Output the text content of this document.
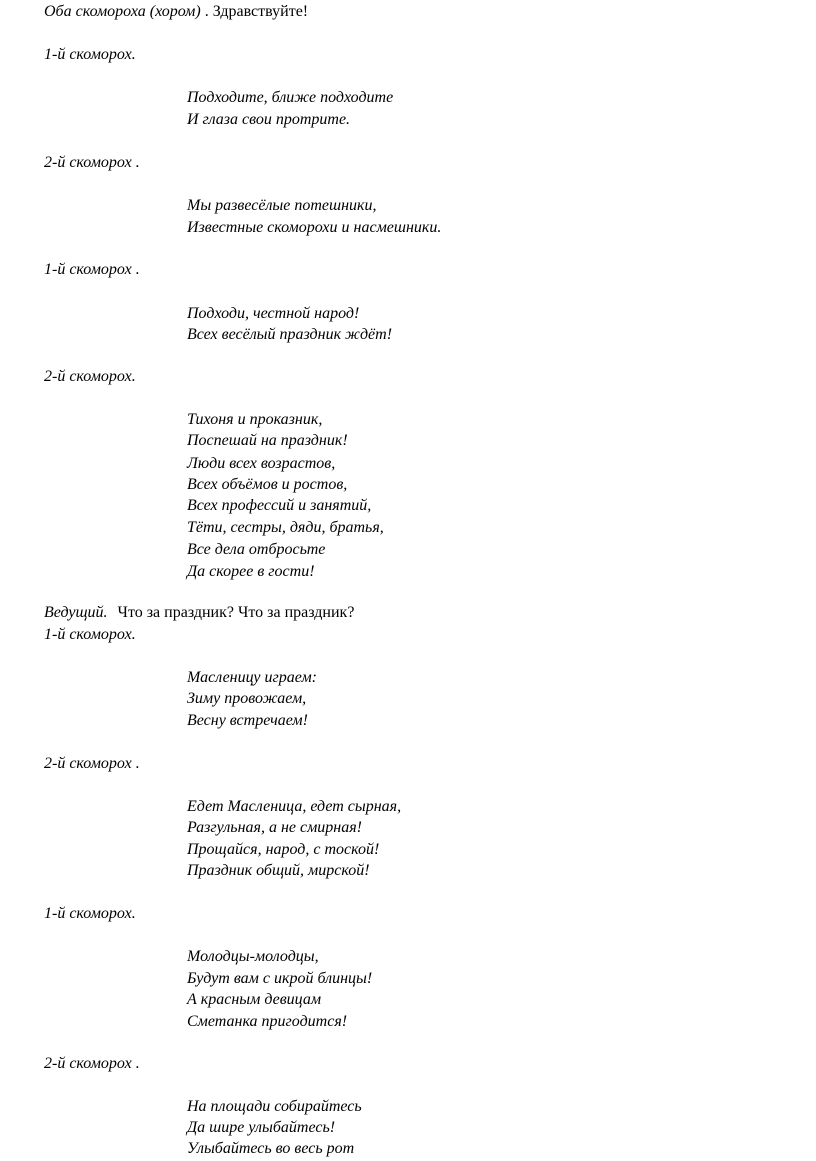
Оба скомороха (хором) . Здравствуйте!
1-й скоморох.
Подходите, ближе подходите
И глаза свои протрите.
2-й скоморох .
Мы развесёлые потешники,
Известные скоморохи и насмешники.
1-й скоморох .
Подходи, честной народ!
Всех весёлый праздник ждёт!
2-й скоморох.
Тихоня и проказник,
Поспешай на праздник!
Люди всех возрастов,
Всех объёмов и ростов,
Всех профессий и занятий,
Тёти, сестры, дяди, братья,
Все дела отбросьте
Да скорее в гости!
Ведущий. Что за праздник? Что за праздник?
1-й скоморох.
Масленицу играем:
Зиму провожаем,
Весну встречаем!
2-й скоморох .
Едет Масленица, едет сырная,
Разгульная, а не смирная!
Прощайся, народ, с тоской!
Праздник общий, мирской!
1-й скоморох.
Молодцы-молодцы,
Будут вам с икрой блинцы!
А красным девицам
Сметанка пригодится!
2-й скоморох .
На площади собирайтесь
Да шире улыбайтесь!
Улыбайтесь во весь рот
